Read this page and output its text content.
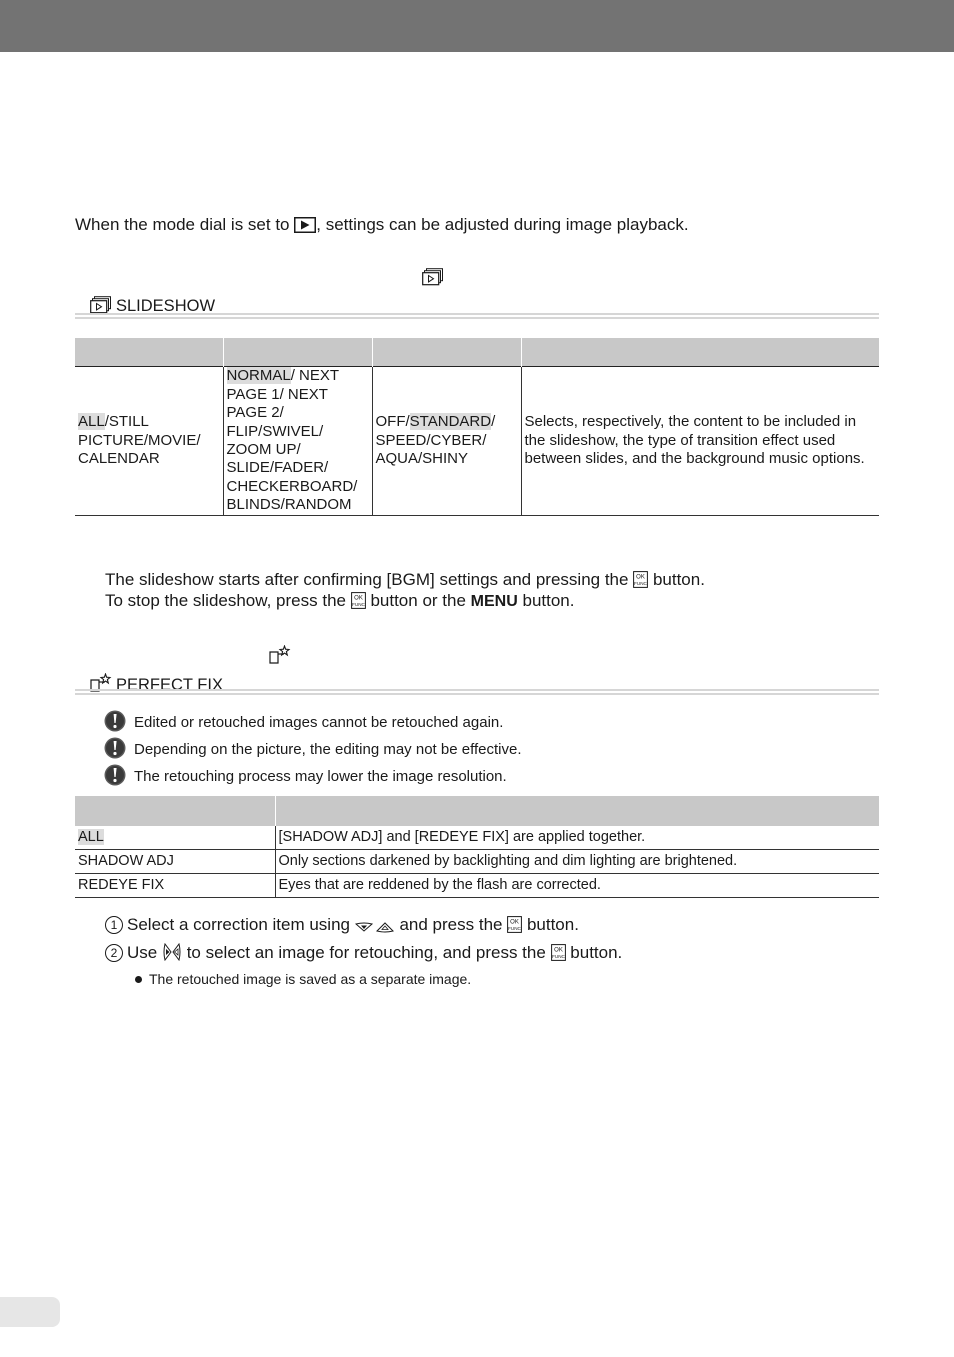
When the mode dial is set to , settings can be adjusted during image playback.
SLIDESHOW

ALL/STILL PICTURE/MOVIE/ CALENDAR	NORMAL/ NEXT PAGE 1/ NEXT PAGE 2/ FLIP/SWIVEL/ ZOOM UP/ SLIDE/FADER/ CHECKERBOARD/ BLINDS/RANDOM	OFF/STANDARD/ SPEED/CYBER/ AQUA/SHINY	Selects, respectively, the content to be included in the slideshow, the type of transition effect used between slides, and the background music options.
The slideshow starts after confirming [BGM] settings and pressing the OK
FUNC button.
To stop the slideshow, press the OK
FUNC button or the MENU button.
PERFECT FIX
Edited or retouched images cannot be retouched again.
Depending on the picture, the editing may not be effective.
The retouching process may lower the image resolution.

ALL	[SHADOW ADJ] and [REDEYE FIX] are applied together.
SHADOW ADJ	Only sections darkened by backlighting and dim lighting are brightened.
REDEYE FIX	Eyes that are reddened by the flash are corrected.
1 Select a correction item using	and press the OK
FUNC button.
2 Use to select an image for retouching, and press the OK
FUNC button.
The retouched image is saved as a separate image.
